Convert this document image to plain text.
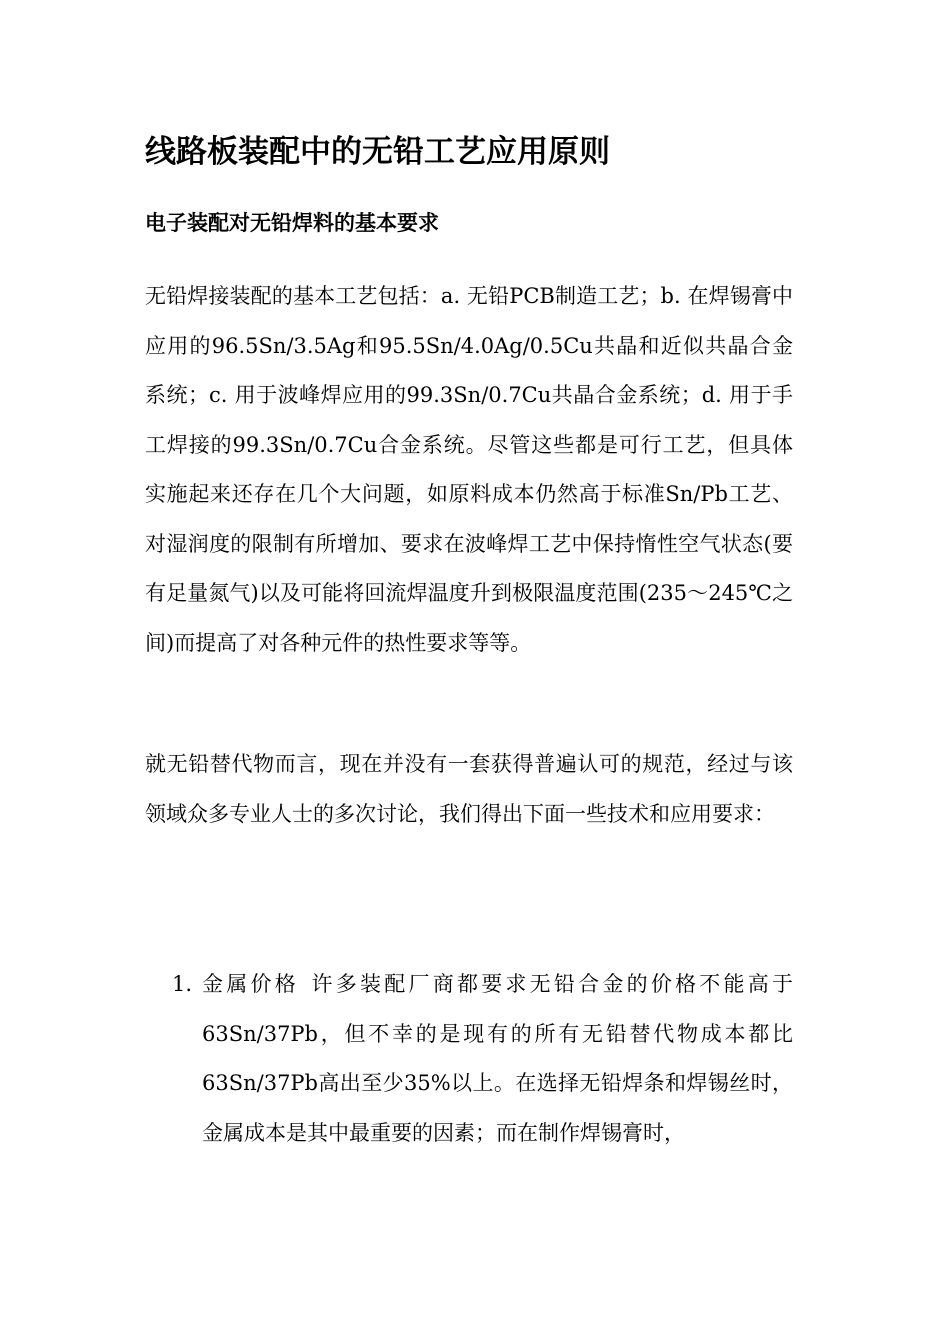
线路板装配中的无铅工艺应用原则
电子装配对无铅焊料的基本要求

无铅焊接装配的基本工艺包括：a. 无铅PCB制造工艺；b. 在焊锡膏中应用的96.5Sn/3.5Ag和95.5Sn/4.0Ag/0.5Cu共晶和近似共晶合金系统；c. 用于波峰焊应用的99.3Sn/0.7Cu共晶合金系统；d. 用于手工焊接的99.3Sn/0.7Cu合金系统。尽管这些都是可行工艺，但具体实施起来还存在几个大问题，如原料成本仍然高于标准Sn/Pb工艺、对湿润度的限制有所增加、要求在波峰焊工艺中保持惰性空气状态(要有足量氮气)以及可能将回流焊温度升到极限温度范围(235～245℃之间)而提高了对各种元件的热性要求等等。

就无铅替代物而言，现在并没有一套获得普遍认可的规范，经过与该领域众多专业人士的多次讨论，我们得出下面一些技术和应用要求：

1. 金属价格 许多装配厂商都要求无铅合金的价格不能高于63Sn/37Pb，但不幸的是现有的所有无铅替代物成本都比63Sn/37Pb高出至少35%以上。在选择无铅焊条和焊锡丝时，金属成本是其中最重要的因素；而在制作焊锡膏时，
